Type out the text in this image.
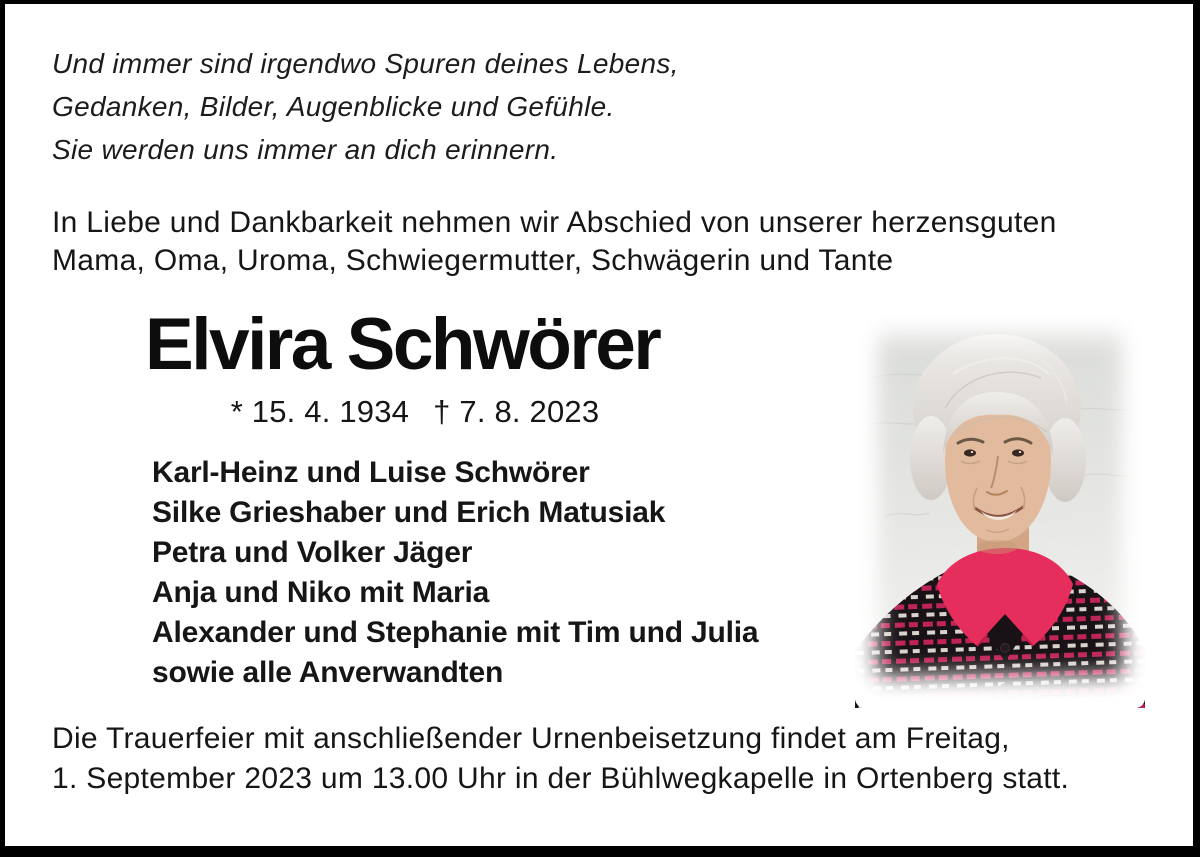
Und immer sind irgendwo Spuren deines Lebens,
Gedanken, Bilder, Augenblicke und Gefühle.
Sie werden uns immer an dich erinnern.
In Liebe und Dankbarkeit nehmen wir Abschied von unserer herzensguten
Mama, Oma, Uroma, Schwiegermutter, Schwägerin und Tante
Elvira Schwörer
* 15. 4. 1934 † 7. 8. 2023
Karl-Heinz und Luise Schwörer
Silke Grieshaber und Erich Matusiak
Petra und Volker Jäger
Anja und Niko mit Maria
Alexander und Stephanie mit Tim und Julia
sowie alle Anverwandten
Die Trauerfeier mit anschließender Urnenbeisetzung findet am Freitag,
1. September 2023 um 13.00 Uhr in der Bühlwegkapelle in Ortenberg statt.
